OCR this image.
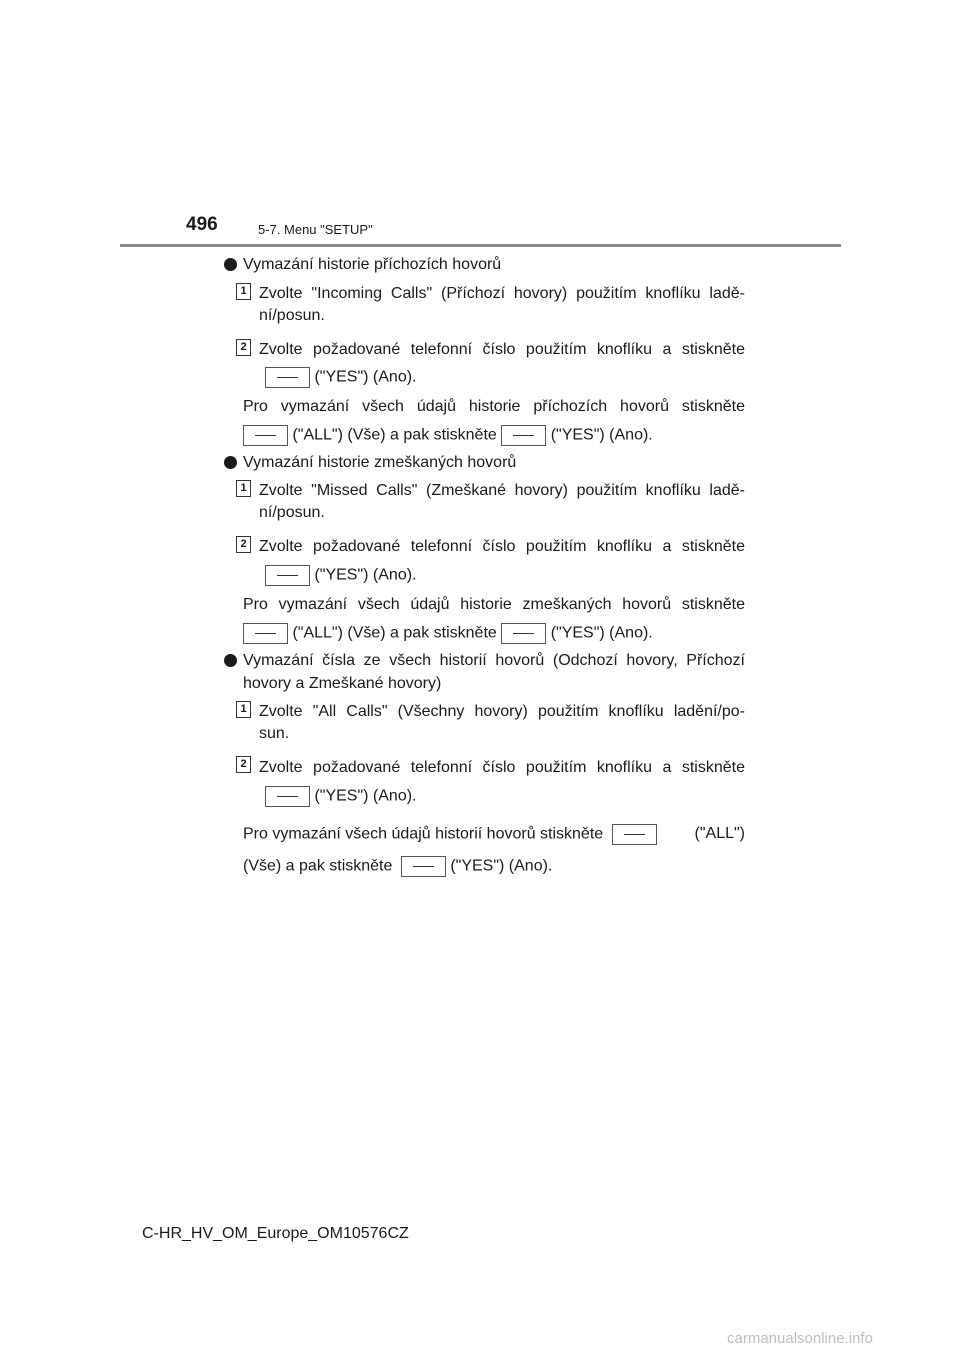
496	5-7. Menu "SETUP"
Vymazání historie příchozích hovorů
1 Zvolte "Incoming Calls" (Příchozí hovory) použitím knoflíku ladě-
ní/posun.
2 Zvolte požadované telefonní číslo použitím knoflíku a stiskněte
("YES") (Ano).
Pro vymazání všech údajů historie příchozích hovorů stiskněte
("ALL") (Vše) a pak stiskněte	("YES") (Ano).
Vymazání historie zmeškaných hovorů
1 Zvolte "Missed Calls" (Zmeškané hovory) použitím knoflíku ladě-
ní/posun.
2 Zvolte požadované telefonní číslo použitím knoflíku a stiskněte
("YES") (Ano).
Pro vymazání všech údajů historie zmeškaných hovorů stiskněte
("ALL") (Vše) a pak stiskněte	("YES") (Ano).
Vymazání čísla ze všech historií hovorů (Odchozí hovory, Příchozí
hovory a Zmeškané hovory)
1 Zvolte "All Calls" (Všechny hovory) použitím knoflíku ladění/po-
sun.
2 Zvolte požadované telefonní číslo použitím knoflíku a stiskněte
("YES") (Ano).
Pro vymazání všech údajů historií hovorů stiskněte	("ALL")
(Vše) a pak stiskněte	("YES") (Ano).
C-HR_HV_OM_Europe_OM10576CZ
carmanualsonline.info
